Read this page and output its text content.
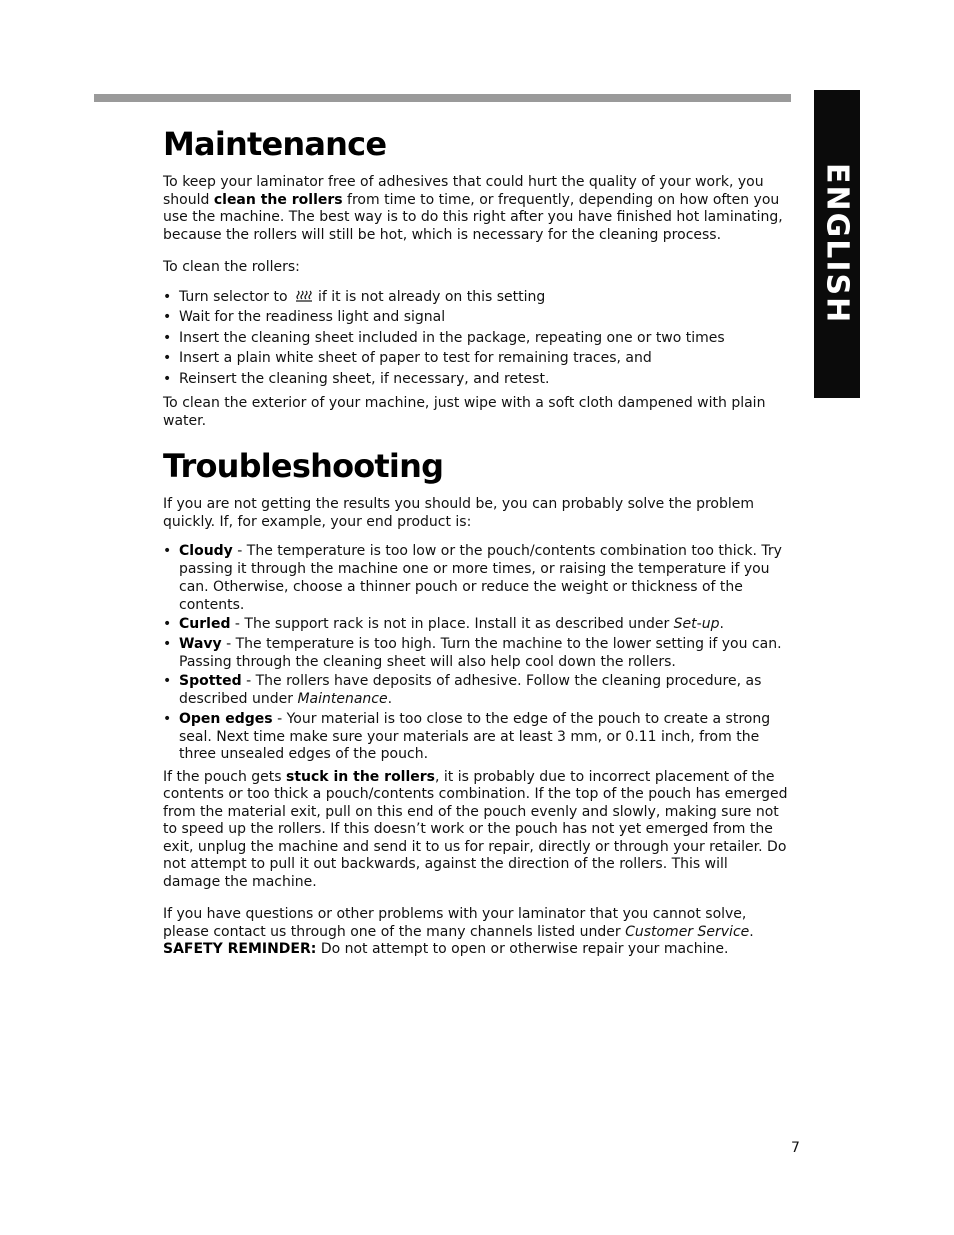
ENGLISH
Maintenance

To keep your laminator free of adhesives that could hurt the quality of your work, you should clean the rollers from time to time, or frequently, depending on how often you use the machine. The best way is to do this right after you have finished hot laminating, because the rollers will still be hot, which is necessary for the cleaning process.

To clean the rollers:

• Turn selector to if it is not already on this setting
• Wait for the readiness light and signal
• Insert the cleaning sheet included in the package, repeating one or two times
• Insert a plain white sheet of paper to test for remaining traces, and
• Reinsert the cleaning sheet, if necessary, and retest.

To clean the exterior of your machine, just wipe with a soft cloth dampened with plain water.

Troubleshooting

If you are not getting the results you should be, you can probably solve the problem quickly. If, for example, your end product is:

• Cloudy - The temperature is too low or the pouch/contents combination too thick. Try passing it through the machine one or more times, or raising the temperature if you can. Otherwise, choose a thinner pouch or reduce the weight or thickness of the contents.
• Curled - The support rack is not in place. Install it as described under Set-up.
• Wavy - The temperature is too high. Turn the machine to the lower setting if you can. Passing through the cleaning sheet will also help cool down the rollers.
• Spotted - The rollers have deposits of adhesive. Follow the cleaning procedure, as described under Maintenance.
• Open edges - Your material is too close to the edge of the pouch to create a strong seal. Next time make sure your materials are at least 3 mm, or 0.11 inch, from the three unsealed edges of the pouch.

If the pouch gets stuck in the rollers, it is probably due to incorrect placement of the contents or too thick a pouch/contents combination. If the top of the pouch has emerged from the material exit, pull on this end of the pouch evenly and slowly, making sure not to speed up the rollers. If this doesn’t work or the pouch has not yet emerged from the exit, unplug the machine and send it to us for repair, directly or through your retailer. Do not attempt to pull it out backwards, against the direction of the rollers. This will damage the machine.

If you have questions or other problems with your laminator that you cannot solve, please contact us through one of the many channels listed under Customer Service. SAFETY REMINDER: Do not attempt to open or otherwise repair your machine.

7
